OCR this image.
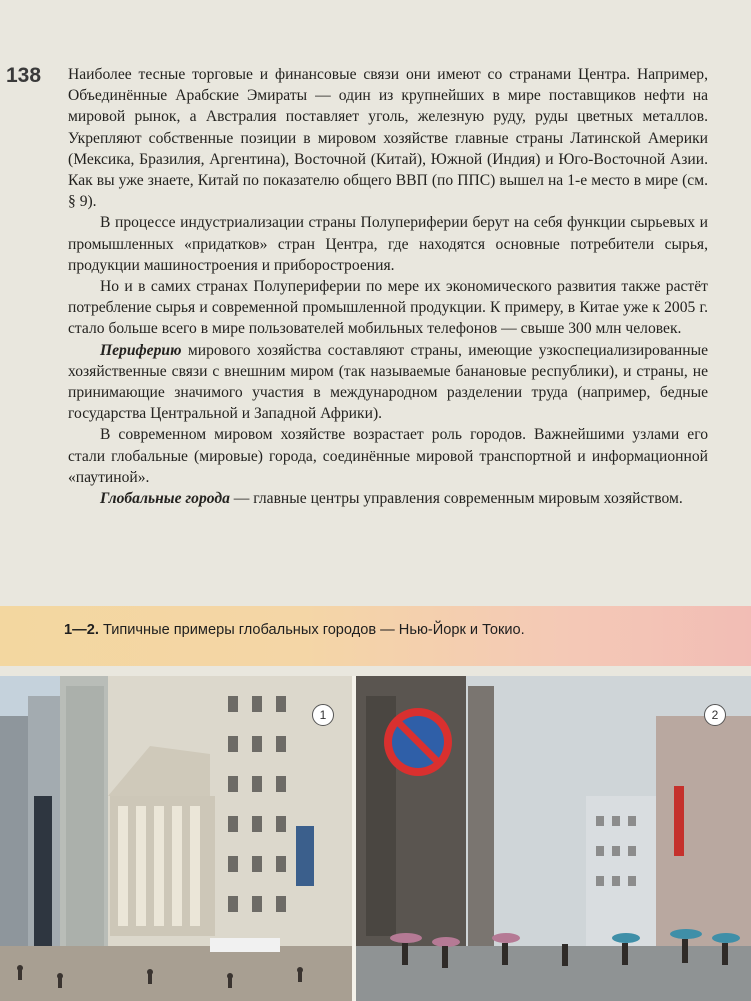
138	Наиболее тесные торговые и финансовые связи они имеют со странами Центра. Например, Объединённые Арабские Эмираты — один из крупнейших в мире поставщиков нефти на мировой рынок, а Австралия поставляет уголь, железную руду, руды цветных металлов. Укрепляют собственные позиции в мировом хозяйстве главные страны Латинской Америки (Мексика, Бразилия, Аргентина), Восточной (Китай), Южной (Индия) и Юго-Восточной Азии. Как вы уже знаете, Китай по показателю общего ВВП (по ППС) вышел на 1-е место в мире (см. § 9).

В процессе индустриализации страны Полупериферии берут на себя функции сырьевых и промышленных «придатков» стран Центра, где находятся основные потребители сырья, продукции машиностроения и приборостроения.

Но и в самих странах Полупериферии по мере их экономического развития также растёт потребление сырья и современной промышленной продукции. К примеру, в Китае уже к 2005 г. стало больше всего в мире пользователей мобильных телефонов — свыше 300 млн человек.

Периферию мирового хозяйства составляют страны, имеющие узкоспециализированные хозяйственные связи с внешним миром (так называемые банановые республики), и страны, не принимающие значимого участия в международном разделении труда (например, бедные государства Центральной и Западной Африки).

В современном мировом хозяйстве возрастает роль городов. Важнейшими узлами его стали глобальные (мировые) города, соединённые мировой транспортной и информационной «паутиной».

Глобальные города — главные центры управления современным мировым хозяйством.

1—2. Типичные примеры глобальных городов — Нью-Йорк и Токио.
1	2
